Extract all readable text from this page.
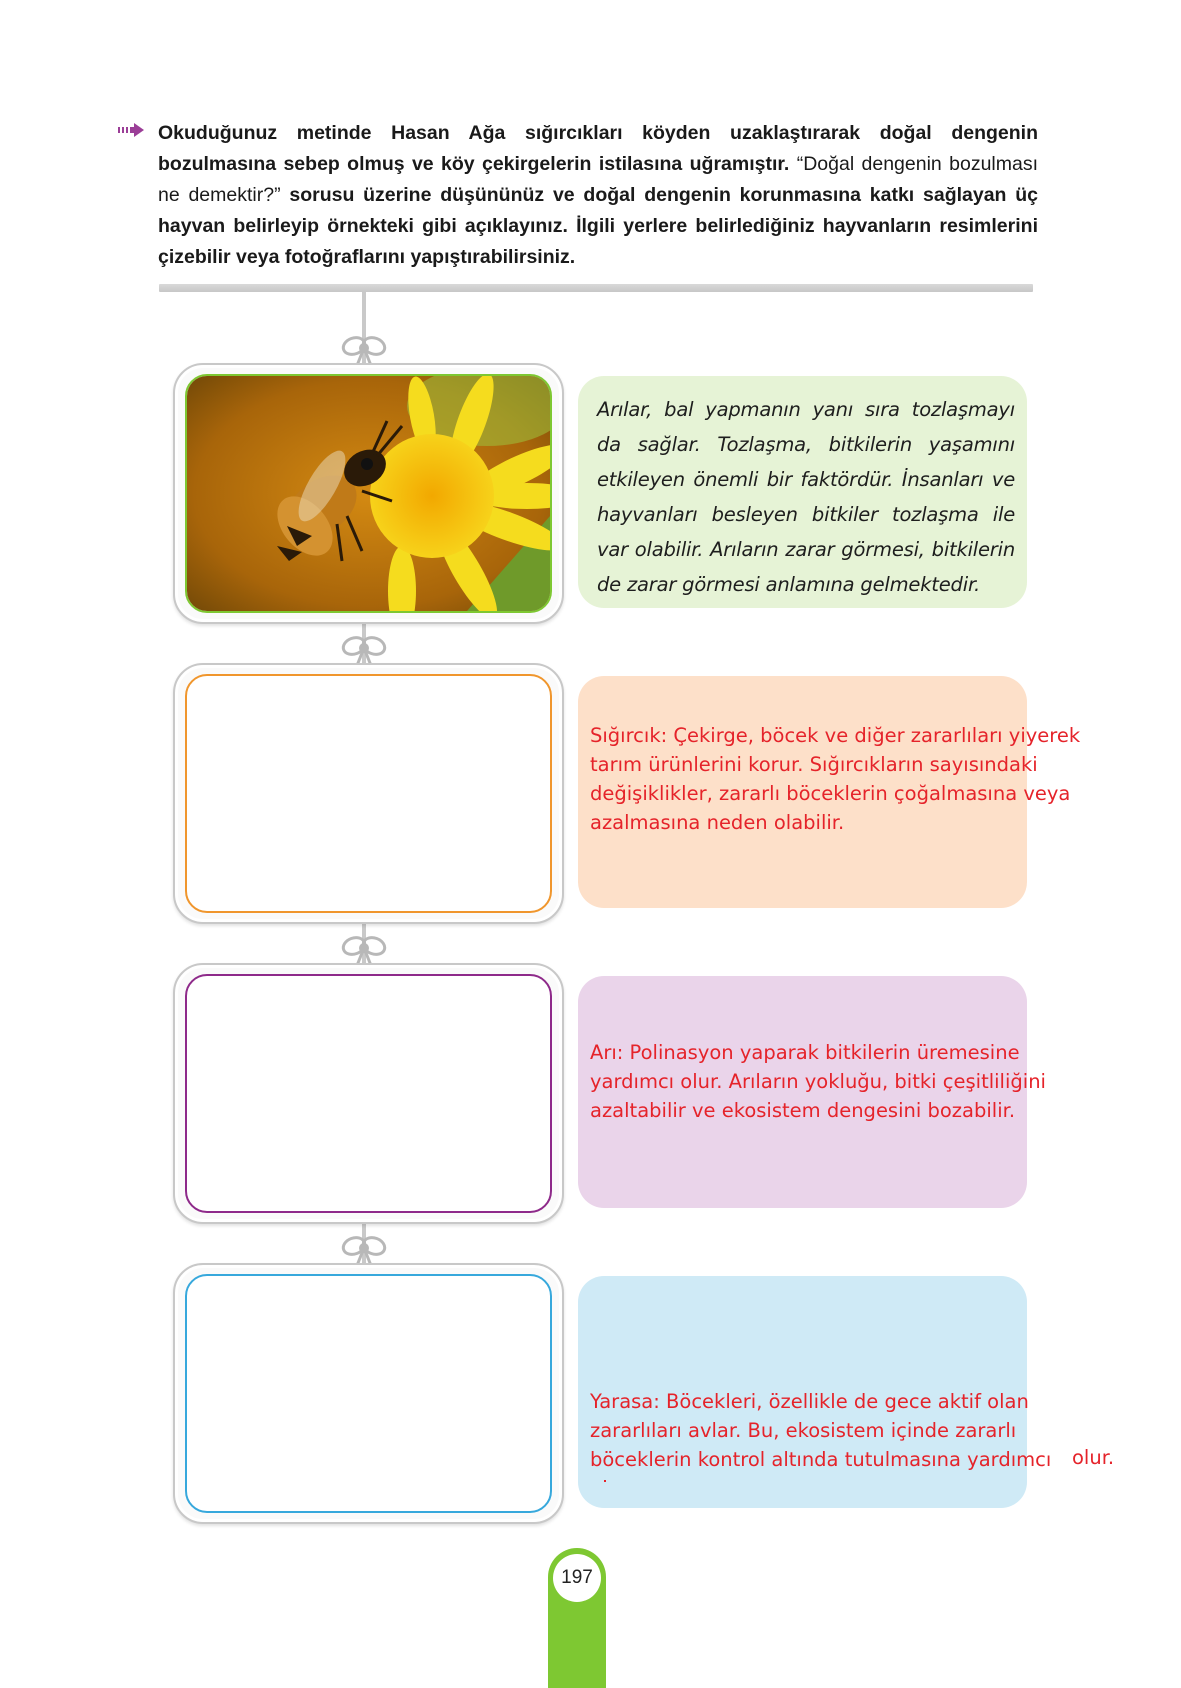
Okuduğunuz metinde Hasan Ağa sığırcıkları köyden uzaklaştırarak doğal dengenin bozulmasına sebep olmuş ve köy çekirgelerin istilasına uğramıştır. “Doğal dengenin bozulması ne demektir?” sorusu üzerine düşününüz ve doğal dengenin korunmasına katkı sağlayan üç hayvan belirleyip örnekteki gibi açıklayınız. İlgili yerlere belirlediğiniz hayvanların resimlerini çizebilir veya fotoğraflarını yapıştırabilirsiniz.

Arılar, bal yapmanın yanı sıra tozlaşmayı da sağlar. Tozlaşma, bitkilerin yaşamını etkileyen önemli bir faktördür. İnsanları ve hayvanları besleyen bitkiler tozlaşma ile var olabilir. Arıların zarar görmesi, bitkilerin de zarar görmesi anlamına gelmektedir.
Sığırcık: Çekirge, böcek ve diğer zararlıları yiyerek
tarım ürünlerini korur. Sığırcıkların sayısındaki
değişiklikler, zararlı böceklerin çoğalmasına veya
azalmasına neden olabilir.
Arı: Polinasyon yaparak bitkilerin üremesine
yardımcı olur. Arıların yokluğu, bitki çeşitliliğini
azaltabilir ve ekosistem dengesini bozabilir.
Yarasa: Böcekleri, özellikle de gece aktif olan
zararlıları avlar. Bu, ekosistem içinde zararlı
böceklerin kontrol altında tutulmasına yardımcı	olur.
197
